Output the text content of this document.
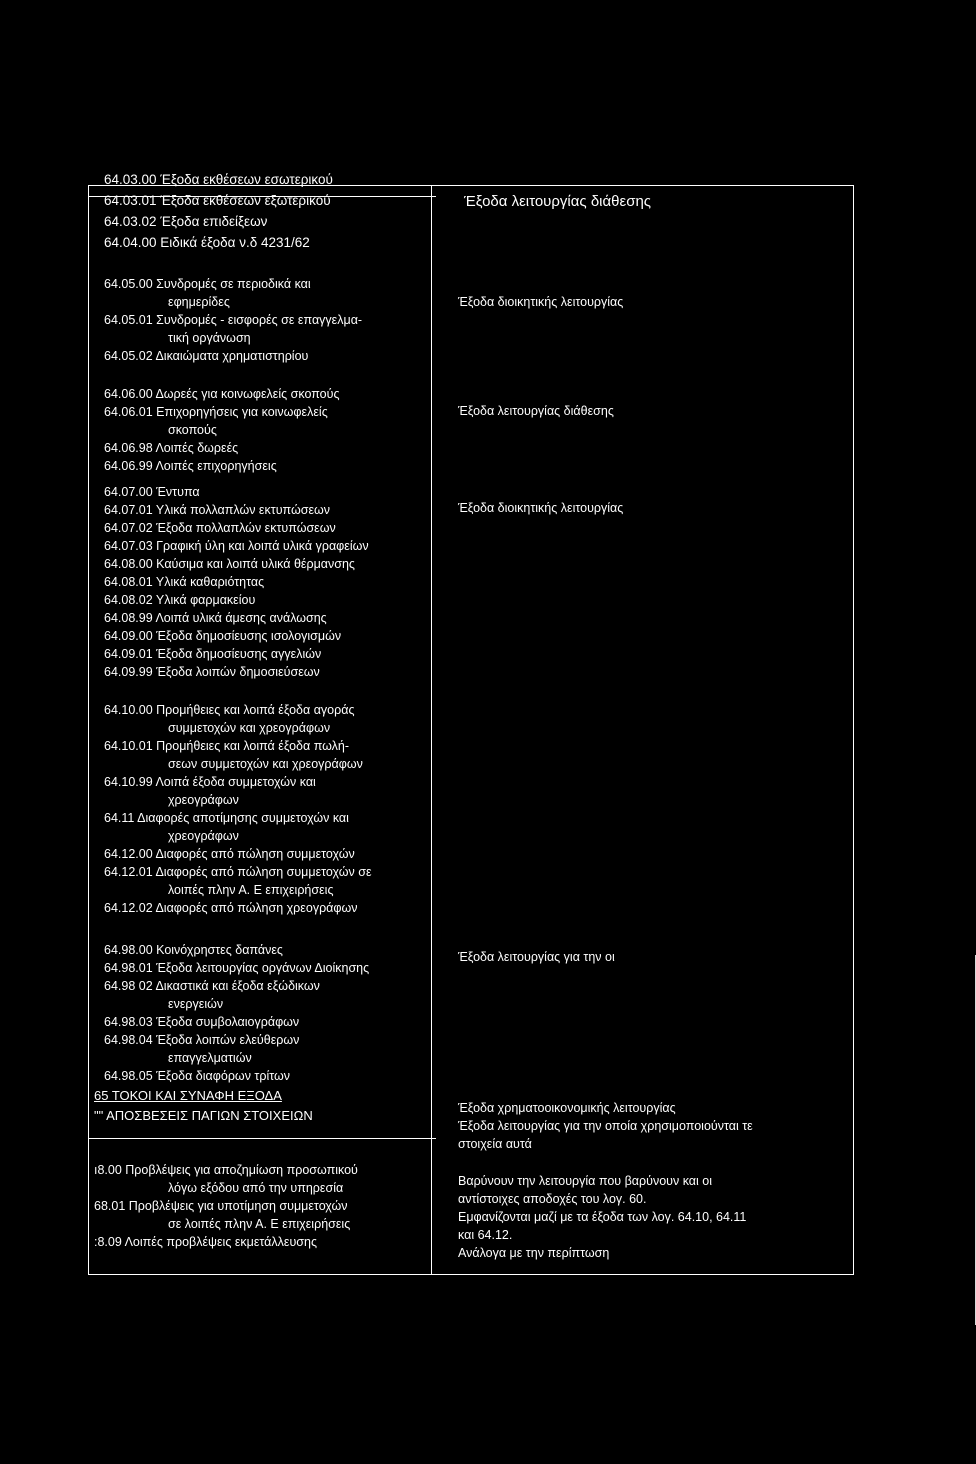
64.03.00 Έξοδα εκθέσεων εσωτερικού
64.03.01 Έξοδα εκθέσεων εξωτερικού
64.03.02 Έξοδα επιδείξεων
64.04.00 Ειδικά έξοδα ν.δ 4231/62
64.05.00 Συνδρομές σε περιοδικά και
εφημερίδες
64.05.01 Συνδρομές - εισφορές σε επαγγελμα-
τική οργάνωση
64.05.02 Δικαιώματα χρηματιστηρίου
64.06.00 Δωρεές για κοινωφελείς σκοπούς
64.06.01 Επιχορηγήσεις για κοινωφελείς
σκοπούς
64.06.98 Λοιπές δωρεές
64.06.99 Λοιπές επιχορηγήσεις
64.07.00 Έντυπα
64.07.01 Υλικά πολλαπλών εκτυπώσεων
64.07.02 Έξοδα πολλαπλών εκτυπώσεων
64.07.03 Γραφική ύλη και λοιπά υλικά γραφείων
64.08.00 Καύσιμα και λοιπά υλικά θέρμανσης
64.08.01 Υλικά καθαριότητας
64.08.02 Υλικά φαρμακείου
64.08.99 Λοιπά υλικά άμεσης ανάλωσης
64.09.00 Έξοδα δημοσίευσης ισολογισμών
64.09.01 Έξοδα δημοσίευσης αγγελιών
64.09.99 Έξοδα λοιπών δημοσιεύσεων
64.10.00 Προμήθειες και λοιπά έξοδα αγοράς
συμμετοχών και χρεογράφων
64.10.01 Προμήθειες και λοιπά έξοδα πωλή-
σεων συμμετοχών και χρεογράφων
64.10.99 Λοιπά έξοδα συμμετοχών και
χρεογράφων
64.11 Διαφορές αποτίμησης συμμετοχών και
χρεογράφων
64.12.00 Διαφορές από πώληση συμμετοχών
64.12.01 Διαφορές από πώληση συμμετοχών σε
λοιπές πλην Α. Ε επιχειρήσεις
64.12.02 Διαφορές από πώληση χρεογράφων
64.98.00 Κοινόχρηστες δαπάνες
64.98.01 Έξοδα λειτουργίας οργάνων Διοίκησης
64.98 02 Δικαστικά και έξοδα εξώδικων
ενεργειών
64.98.03 Έξοδα συμβολαιογράφων
64.98.04 Έξοδα λοιπών ελεύθερων
επαγγελματιών
64.98.05 Έξοδα διαφόρων τρίτων
65 ΤΟΚΟΙ ΚΑΙ ΣΥΝΑΦΗ ΕΞΟΔΑ
"" ΑΠΟΣΒΕΣΕΙΣ ΠΑΓΙΩΝ ΣΤΟΙΧΕΙΩΝ
ı8.00 Προβλέψεις για αποζημίωση προσωπικού
λόγω εξόδου από την υπηρεσία
68.01 Προβλέψεις για υποτίμηση συμμετοχών
σε λοιπές πλην Α. Ε επιχειρήσεις
:8.09 Λοιπές προβλέψεις εκμετάλλευσης
Έξοδα λειτουργίας διάθεσης
Έξοδα διοικητικής λειτουργίας
Έξοδα λειτουργίας διάθεσης
Έξοδα διοικητικής λειτουργίας
Έξοδα λειτουργίας για την οι
Έξοδα χρηματοοικονομικής λειτουργίας
Έξοδα λειτουργίας για την οποία χρησιμοποιούνται τε
στοιχεία αυτά
Βαρύνουν την λειτουργία που βαρύνουν και οι
αντίστοιχες αποδοχές του λογ. 60.
Εμφανίζονται μαζί με τα έξοδα των λογ. 64.10, 64.11
και 64.12.
Ανάλογα με την περίπτωση
